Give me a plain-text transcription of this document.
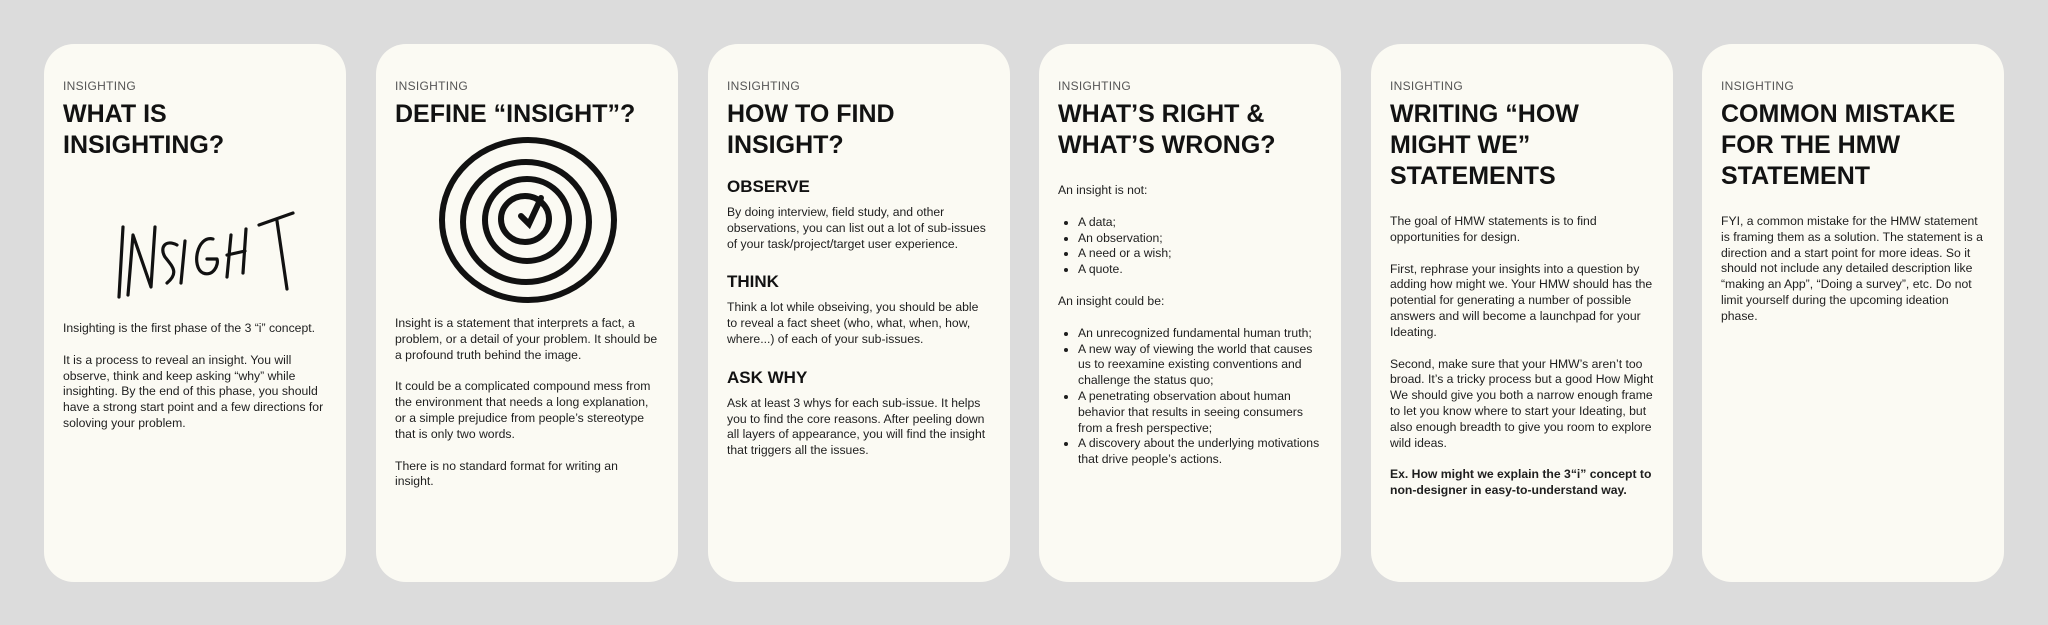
INSIGHTING
WHAT IS INSIGHTING?

Insighting is the first phase of the 3 “i” concept.

It is a process to reveal an insight. You will observe, think and keep asking “why” while insighting. By the end of this phase, you should have a strong start point and a few directions for soloving your problem.

INSIGHTING
DEFINE “INSIGHT”?

Insight is a statement that interprets a fact, a problem, or a detail of your problem. It should be a profound truth behind the image.

It could be a complicated compound mess from the environment that needs a long explanation, or a simple prejudice from people’s stereotype that is only two words.

There is no standard format for writing an insight.

INSIGHTING
HOW TO FIND INSIGHT?
OBSERVE

By doing interview, field study, and other observations, you can list out a lot of sub-issues of your task/project/target user experience.

THINK

Think a lot while obseiving, you should be able to reveal a fact sheet (who, what, when, how, where...) of each of your sub-issues.

ASK WHY

Ask at least 3 whys for each sub-issue. It helps you to find the core reasons. After peeling down all layers of appearance, you will find the insight that triggers all the issues.

INSIGHTING
WHAT’S RIGHT & WHAT’S WRONG?

An insight is not:

• A data;
• An observation;
• A need or a wish;
• A quote.

An insight could be:

• An unrecognized fundamental human truth;
• A new way of viewing the world that causes us to reexamine existing conventions and challenge the status quo;
• A penetrating observation about human behavior that results in seeing consumers from a fresh perspective;
• A discovery about the underlying motivations that drive people’s actions.
INSIGHTING
WRITING “HOW MIGHT WE” STATEMENTS

The goal of HMW statements is to find opportunities for design.

First, rephrase your insights into a question by adding how might we. Your HMW should has the potential for generating a number of possible answers and will become a launchpad for your Ideating.

Second, make sure that your HMW’s aren’t too broad. It’s a tricky process but a good How Might We should give you both a narrow enough frame to let you know where to start your Ideating, but also enough breadth to give you room to explore wild ideas.

Ex. How might we explain the 3“i” concept to non-designer in easy-to-understand way.

INSIGHTING
COMMON MISTAKE FOR THE HMW STATEMENT

FYI, a common mistake for the HMW statement is framing them as a solution. The statement is a direction and a start point for more ideas. So it should not include any detailed description like “making an App”, “Doing a survey”, etc. Do not limit yourself during the upcoming ideation phase.
